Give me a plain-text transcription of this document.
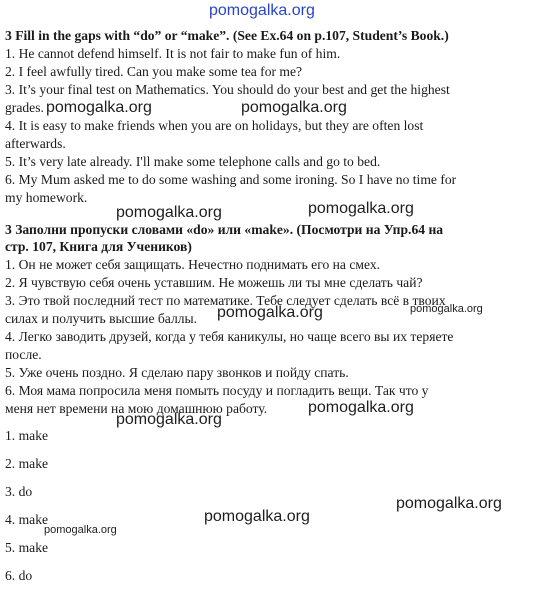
pomogalka.org
3 Fill in the gaps with “do” or “make”. (See Ex.64 on p.107, Student’s Book.)
1. He cannot defend himself. It is not fair to make fun of him.
2. I feel awfully tired. Can you make some tea for me?
3. It’s your final test on Mathematics. You should do your best and get the highest
grades.
4. It is easy to make friends when you are on holidays, but they are often lost
afterwards.
5. It’s very late already. I'll make some telephone calls and go to bed.
6. My Mum asked me to do some washing and some ironing. So I have no time for
my homework.
3 Заполни пропуски словами «do» или «make». (Посмотри на Упр.64 на
стр. 107, Книга для Учеников)
1. Он не может себя защищать. Нечестно поднимать его на смех.
2. Я чувствую себя очень уставшим. Не можешь ли ты мне сделать чай?
3. Это твой последний тест по математике. Тебе следует сделать всё в твоих
силах и получить высшие баллы.
4. Легко заводить друзей, когда у тебя каникулы, но чаще всего вы их теряете
после.
5. Уже очень поздно. Я сделаю пару звонков и пойду спать.
6. Моя мама попросила меня помыть посуду и погладить вещи. Так что у
меня нет времени на мою домашнюю работу.
1. make
2. make
3. do
4. make
5. make
6. do
pomogalka.org	pomogalka.org
pomogalka.org	pomogalka.org
pomogalka.org	pomogalka.org
pomogalka.org
pomogalka.org
pomogalka.org
pomogalka.org
pomogalka.org
